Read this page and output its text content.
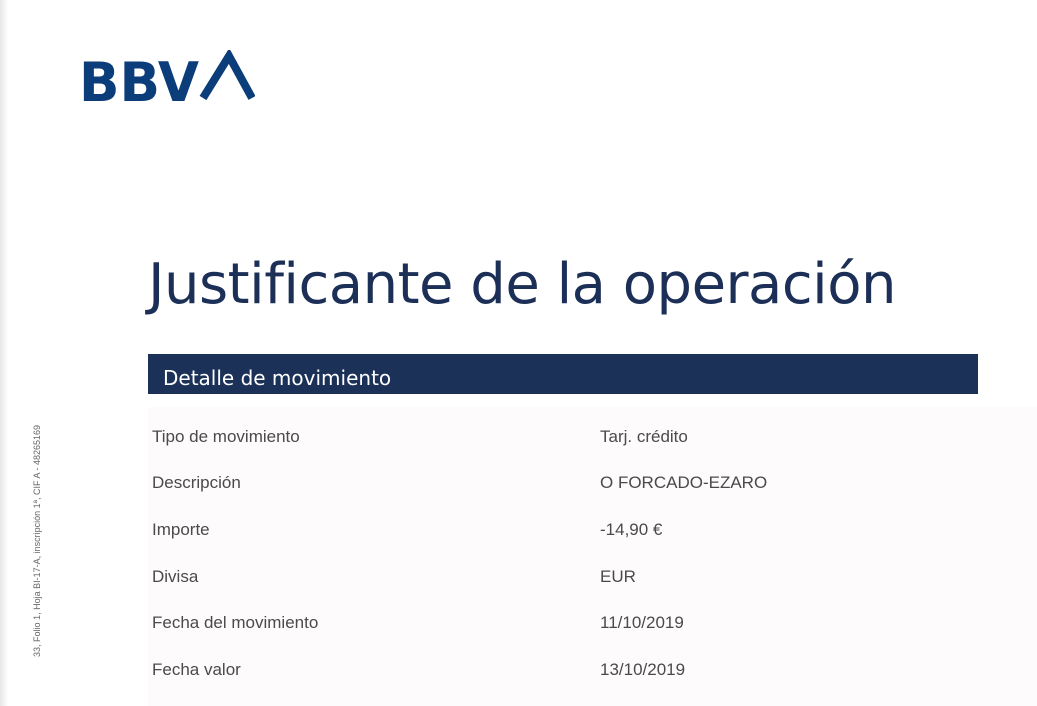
BBV
Justificante de la operación
Detalle de movimiento
Tipo de movimiento	Tarj. crédito
Descripción	O FORCADO-EZARO
Importe	-14,90 €
Divisa	EUR
Fecha del movimiento	11/10/2019
Fecha valor	13/10/2019
33, Folio 1, Hoja BI-17-A, inscripción 1ª, CIF A - 48265169
